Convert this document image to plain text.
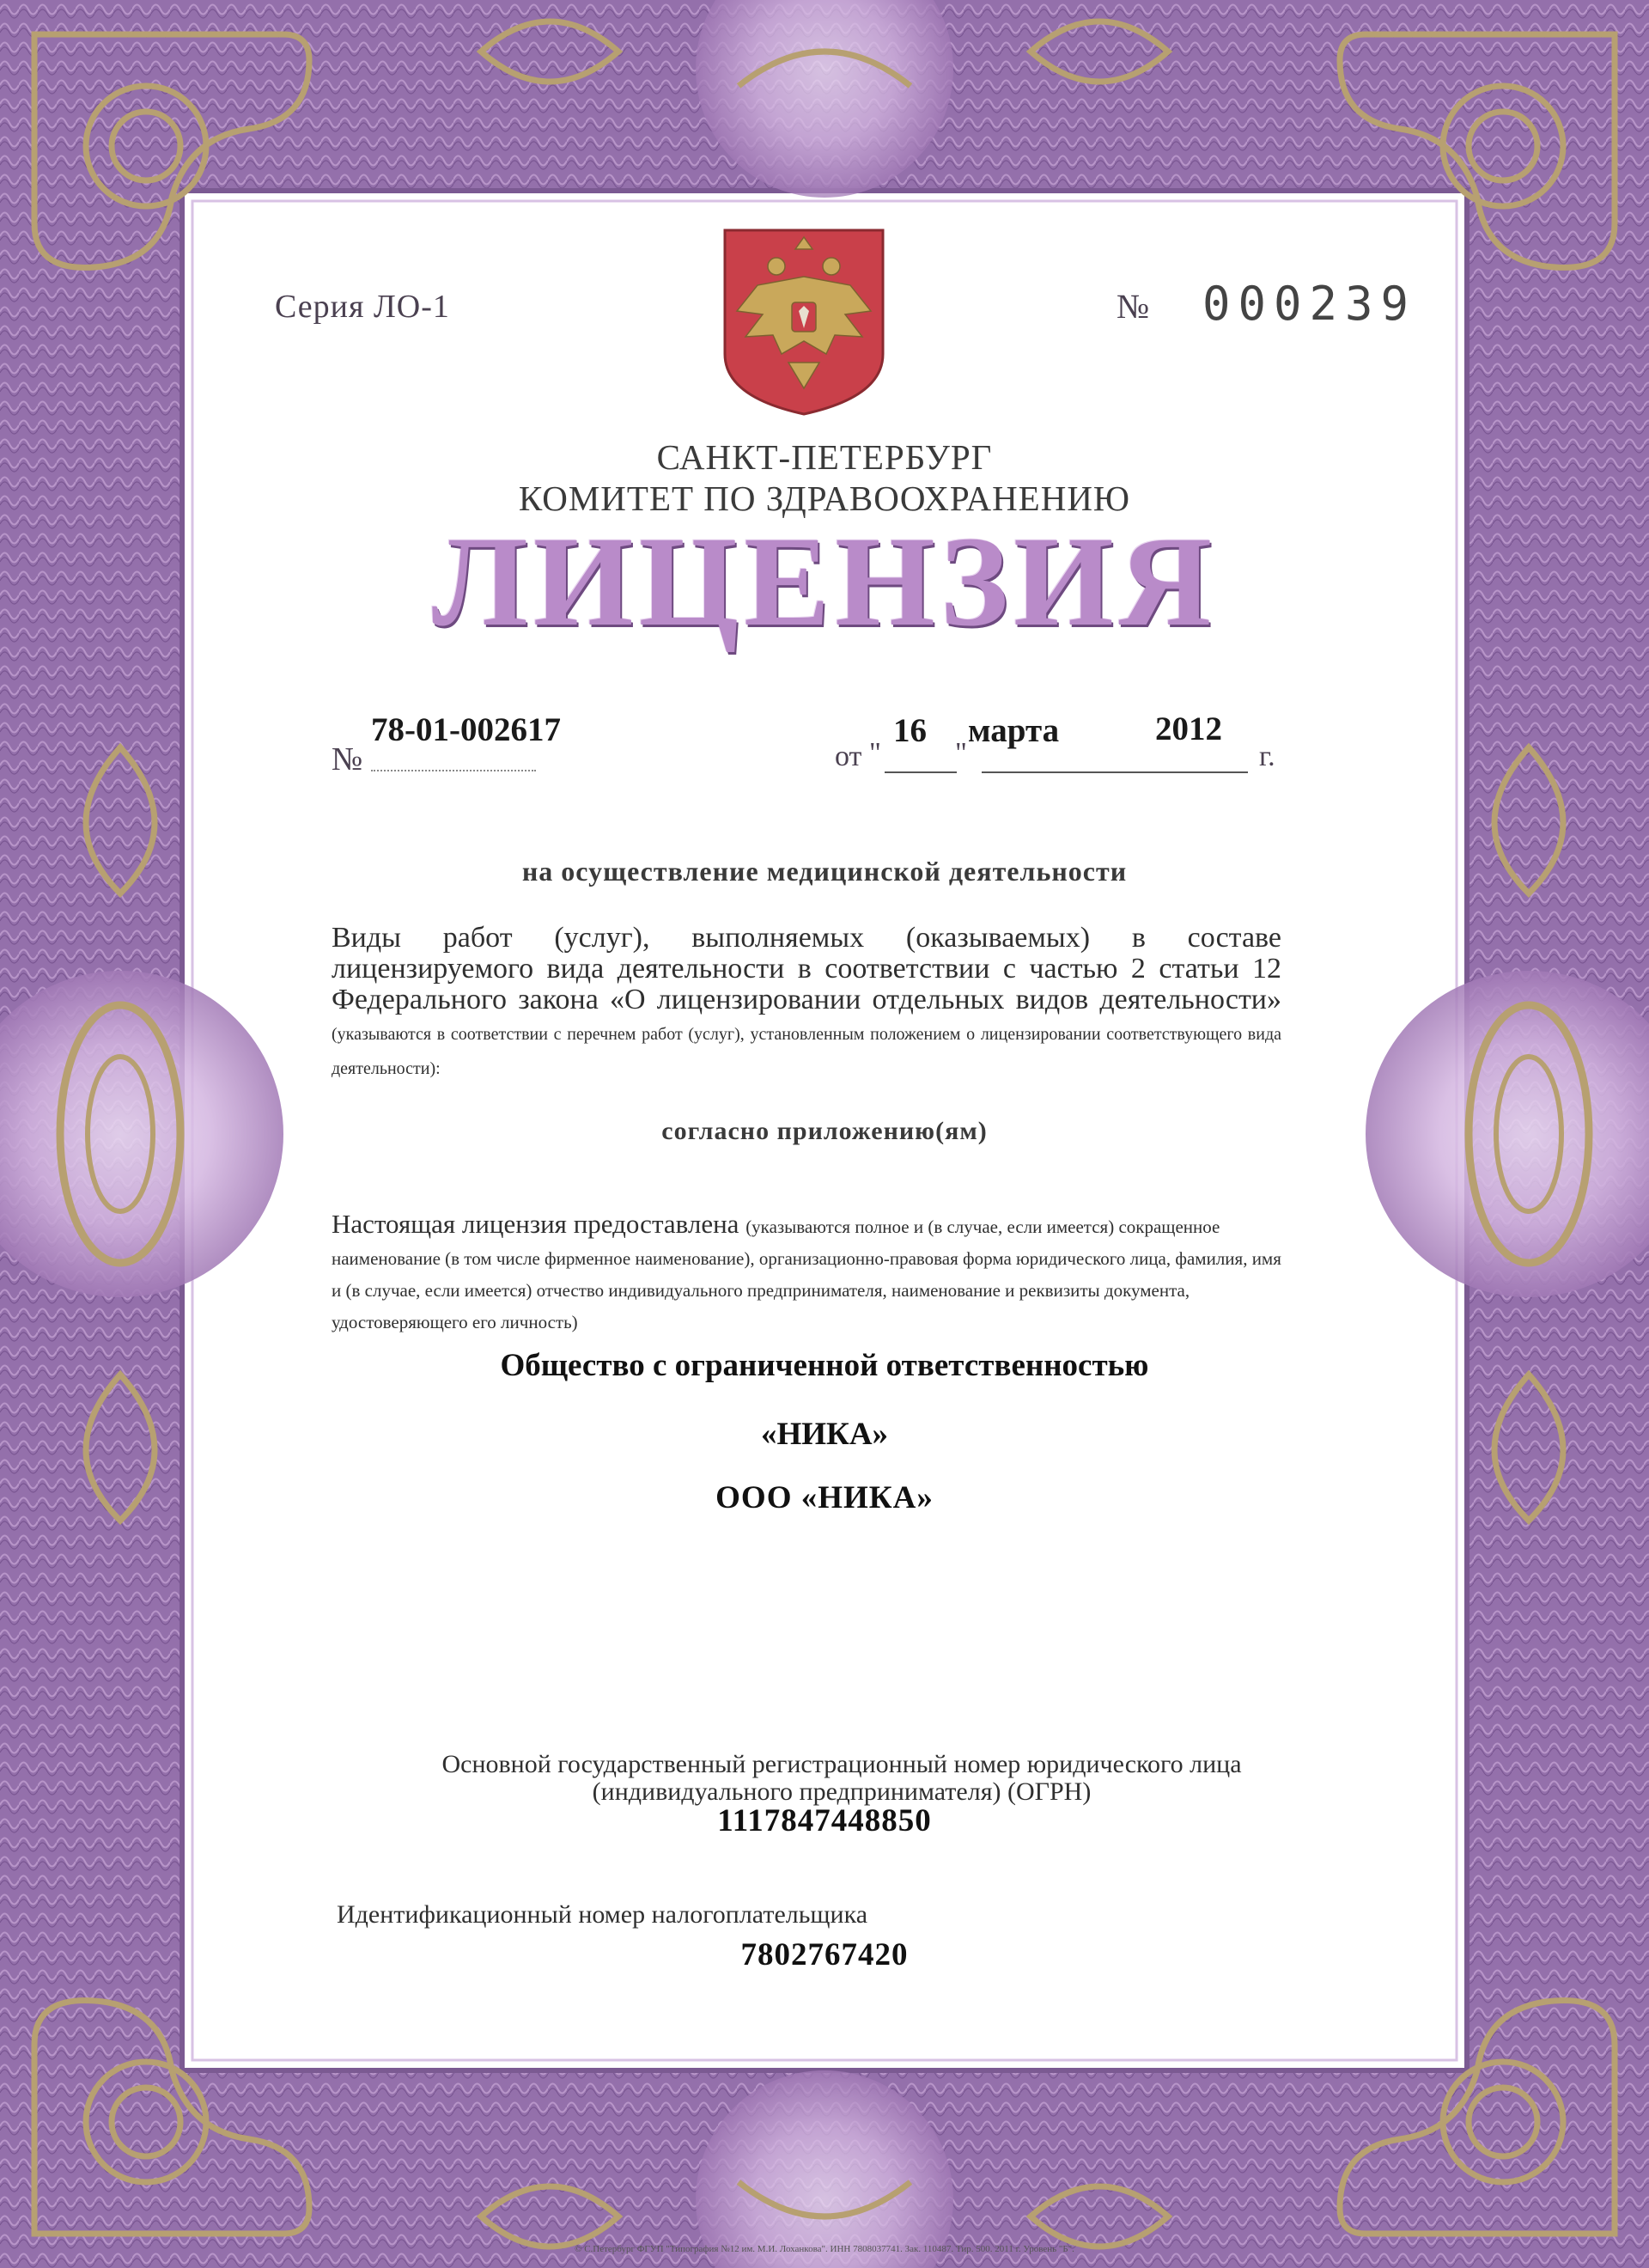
Серия ЛО-1	№ 000239
САНКТ-ПЕТЕРБУРГ
КОМИТЕТ ПО ЗДРАВООХРАНЕНИЮ
ЛИЦЕНЗИЯ
№
78-01-002617
от "
16
"
марта	2012
г.
на осуществление медицинской деятельности
Виды работ (услуг), выполняемых (оказываемых) в составе лицензируемого вида деятельности в соответствии с частью 2 статьи 12 Федерального закона «О лицензировании отдельных видов деятельности» (указываются в соответствии с перечнем работ (услуг), установленным положением о лицензировании соответствующего вида деятельности):
согласно приложению(ям)
Настоящая лицензия предоставлена (указываются полное и (в случае, если имеется) сокращенное наименование (в том числе фирменное наименование), организационно-правовая форма юридического лица, фамилия, имя и (в случае, если имеется) отчество индивидуального предпринимателя, наименование и реквизиты документа, удостоверяющего его личность)
Общество с ограниченной ответственностью
«НИКА»
ООО «НИКА»
Основной государственный регистрационный номер юридического лица (индивидуального предпринимателя) (ОГРН)
1117847448850
Идентификационный номер налогоплательщика
7802767420
© С.Петербург ФГУП "Типография №12 им. М.И. Лоханкова". ИНН 7808037741. Зак. 110487. Тир. 500. 2011 г. Уровень "Б".
